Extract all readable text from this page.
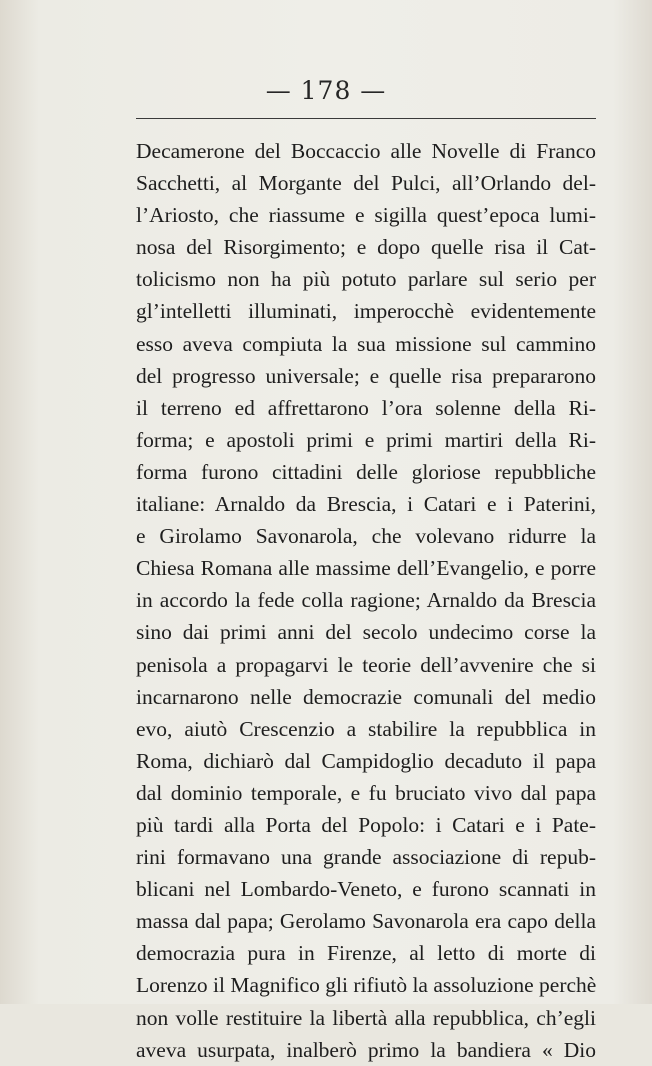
— 178 —
Decamerone del Boccaccio alle Novelle di Franco
Sacchetti, al Morgante del Pulci, all’Orlando del-
l’Ariosto, che riassume e sigilla quest’epoca lumi-
nosa del Risorgimento; e dopo quelle risa il Cat-
tolicismo non ha più potuto parlare sul serio per
gl’intelletti illuminati, imperocchè evidentemente
esso aveva compiuta la sua missione sul cammino
del progresso universale; e quelle risa prepararono
il terreno ed affrettarono l’ora solenne della Ri-
forma; e apostoli primi e primi martiri della Ri-
forma furono cittadini delle gloriose repubbliche
italiane: Arnaldo da Brescia, i Catari e i Paterini,
e Girolamo Savonarola, che volevano ridurre la
Chiesa Romana alle massime dell’Evangelio, e porre
in accordo la fede colla ragione; Arnaldo da Brescia
sino dai primi anni del secolo undecimo corse la
penisola a propagarvi le teorie dell’avvenire che si
incarnarono nelle democrazie comunali del medio
evo, aiutò Crescenzio a stabilire la repubblica in
Roma, dichiarò dal Campidoglio decaduto il papa
dal dominio temporale, e fu bruciato vivo dal papa
più tardi alla Porta del Popolo: i Catari e i Pate-
rini formavano una grande associazione di repub-
blicani nel Lombardo-Veneto, e furono scannati in
massa dal papa; Gerolamo Savonarola era capo della
democrazia pura in Firenze, al letto di morte di
Lorenzo il Magnifico gli rifiutò la assoluzione perchè
non volle restituire la libertà alla repubblica, ch’egli
aveva usurpata, inalberò primo la bandiera « Dio
